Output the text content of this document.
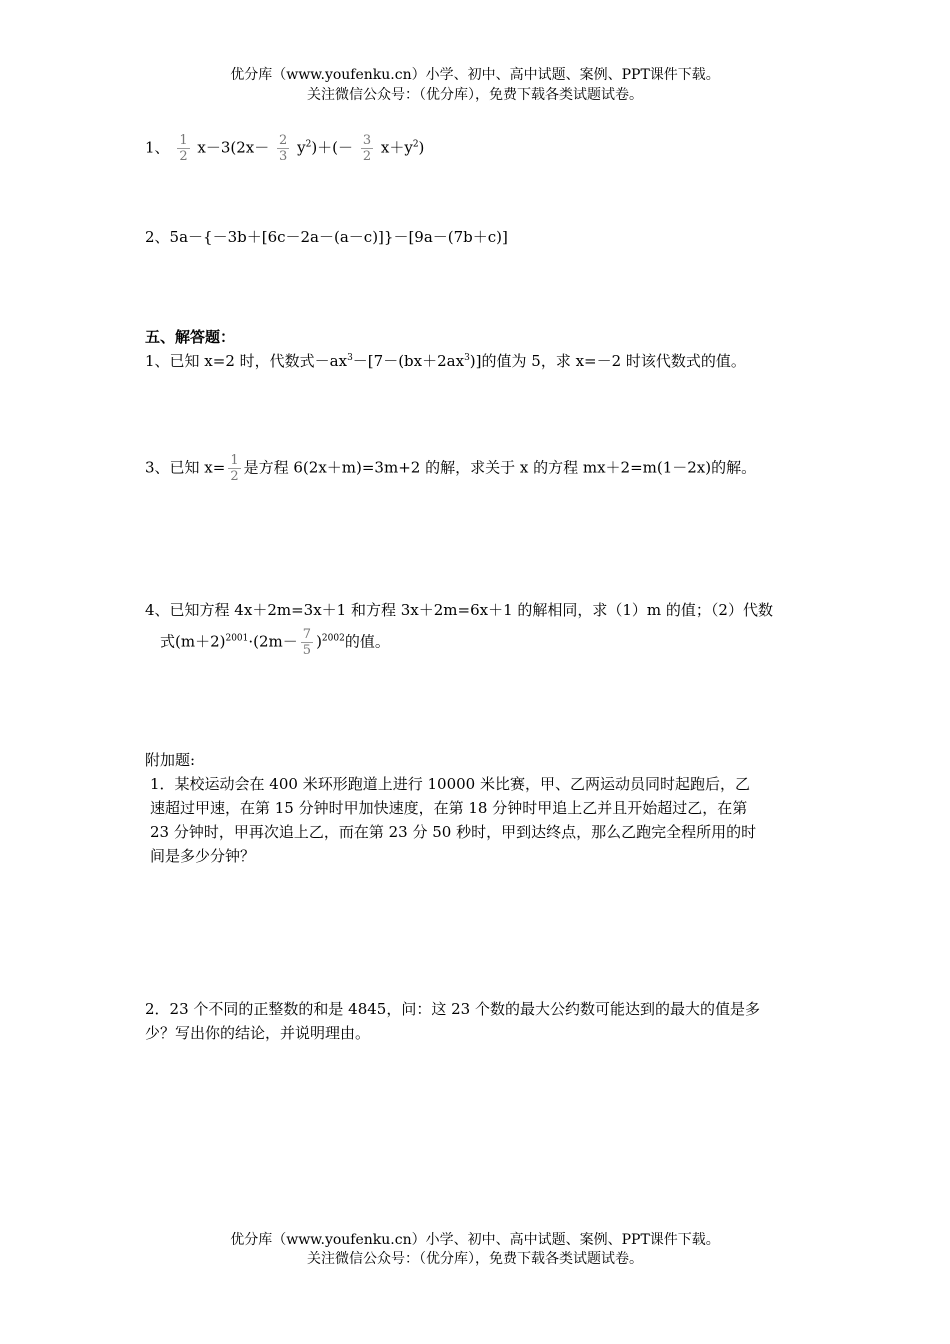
优分库（www.youfenku.cn）小学、初中、高中试题、案例、PPT课件下载。
关注微信公众号：（优分库），免费下载各类试题试卷。
1、 $\frac{1}{2} x-3(2x- \frac{2}{3} y^2)+(- \frac{3}{2} x+y^2)$
2、5a－{－3b＋[6c－2a－(a－c)]}－[9a－(7b＋c)]
五、解答题：
1、已知 x=2 时，代数式$-ax^3-[7-(bx+2ax^3)]$的值为 5，求 x=－2 时该代数式的值。
3、已知 $x= \frac{1}{2}$ 是方程 6(2x＋m)=3m+2 的解，求关于 x 的方程 mx＋2=m(1－2x)的解。
4、已知方程 4x＋2m=3x＋1 和方程 3x＋2m=6x＋1 的解相同，求（1）m 的值；（2）代数
式$(m+2)^{2001}\cdot(2m- \frac{7}{5} )^{2002}$的值。
附加题:
1．某校运动会在 400 米环形跑道上进行 10000 米比赛，甲、乙两运动员同时起跑后，乙
速超过甲速，在第 15 分钟时甲加快速度，在第 18 分钟时甲追上乙并且开始超过乙，在第
23 分钟时，甲再次追上乙，而在第 23 分 50 秒时，甲到达终点，那么乙跑完全程所用的时
间是多少分钟？
2．23 个不同的正整数的和是 4845，问：这 23 个数的最大公约数可能达到的最大的值是多
少？写出你的结论，并说明理由。
优分库（www.youfenku.cn）小学、初中、高中试题、案例、PPT课件下载。
关注微信公众号：（优分库），免费下载各类试题试卷。
